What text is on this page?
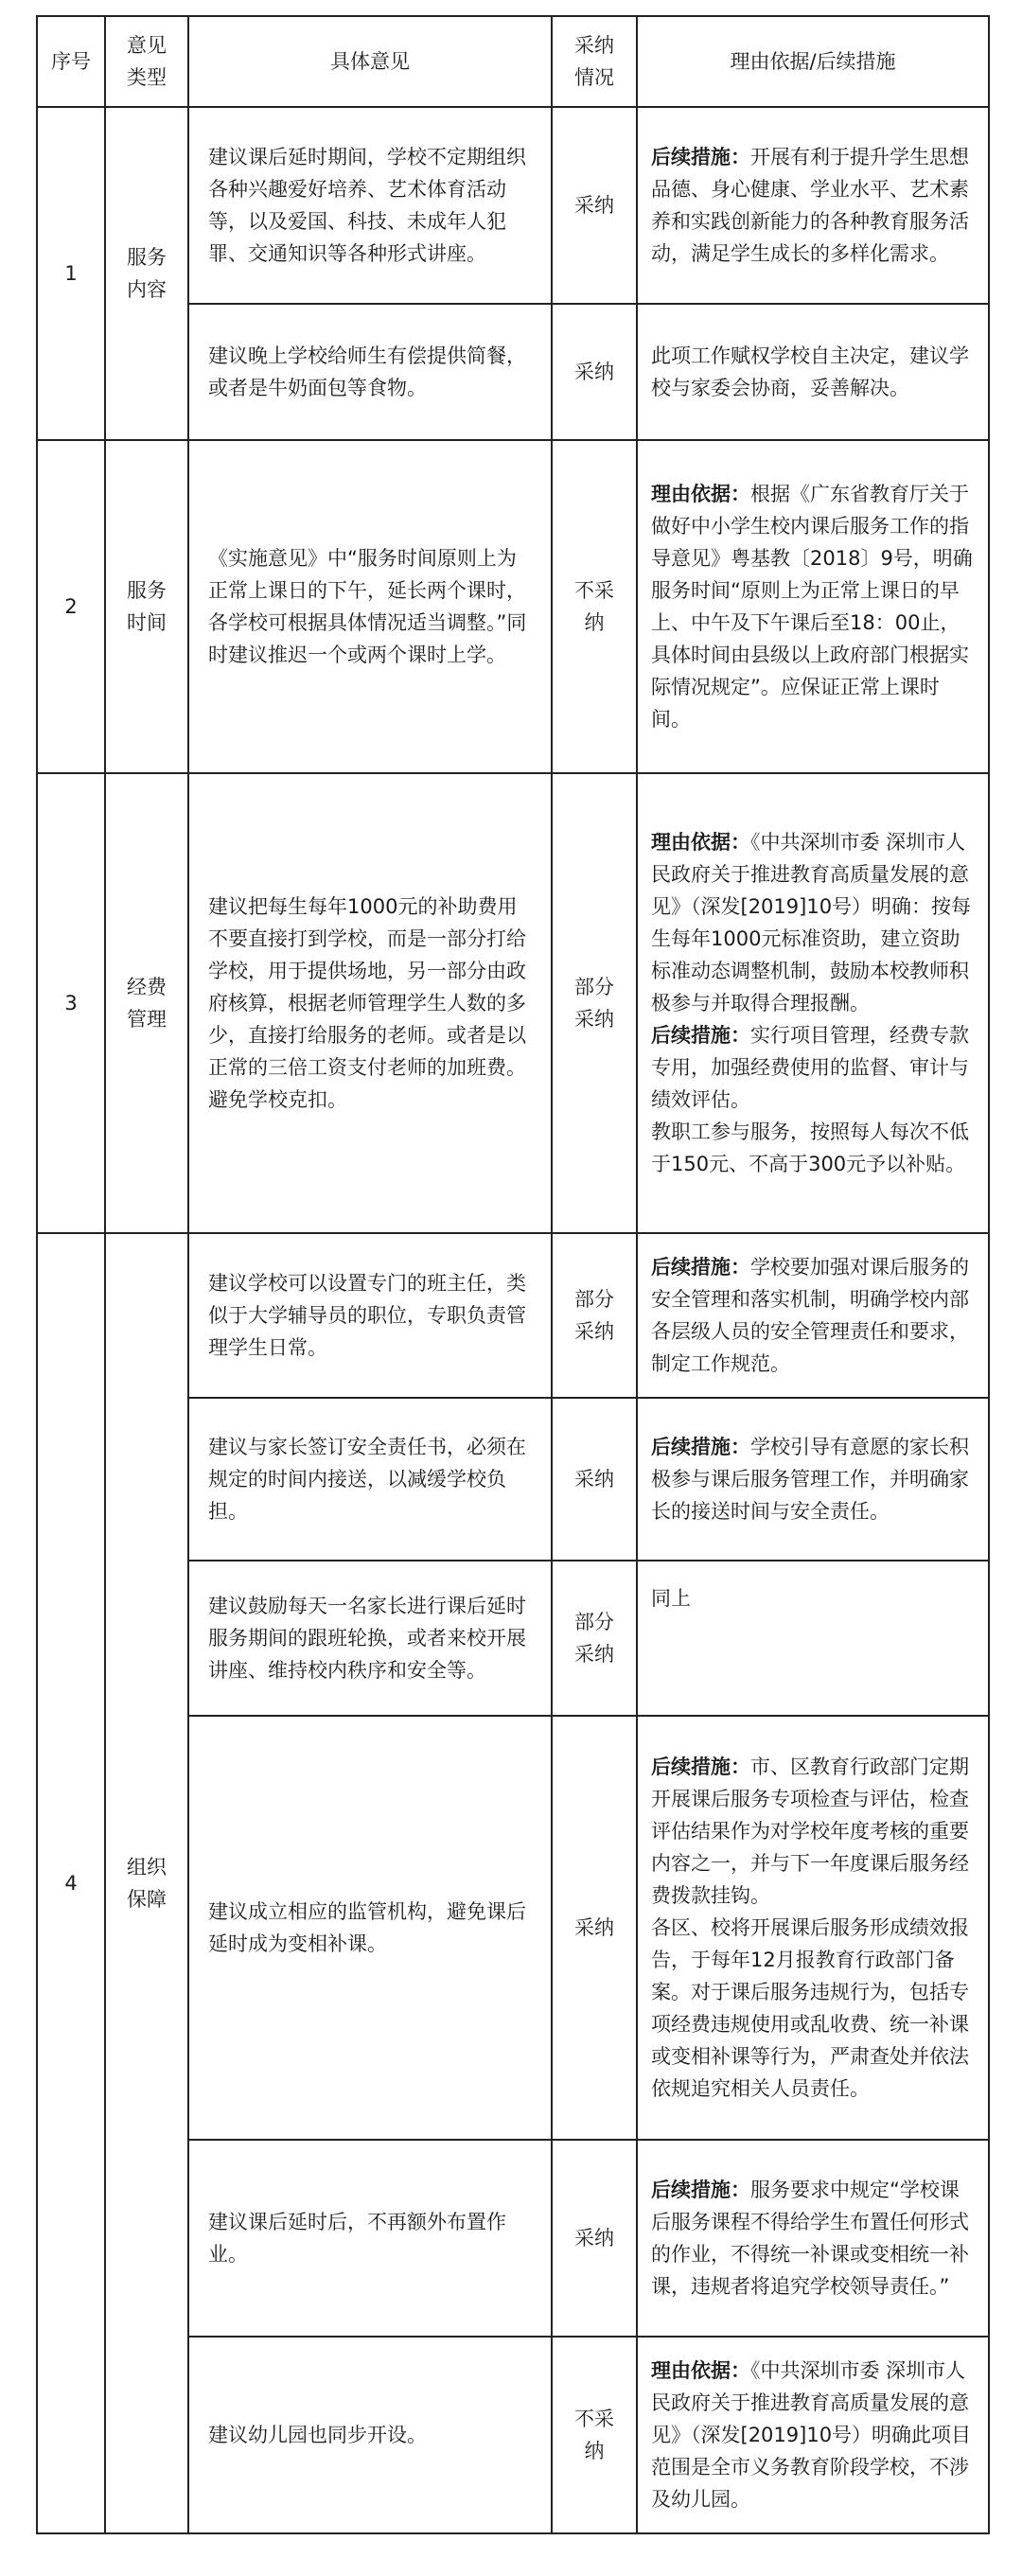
序号	意见类型	具体意见	采纳情况	理由依据/后续措施
1	服务内容	建议课后延时期间，学校不定期组织各种兴趣爱好培养、艺术体育活动等，以及爱国、科技、未成年人犯罪、交通知识等各种形式讲座。	采纳	后续措施：开展有利于提升学生思想品德、身心健康、学业水平、艺术素养和实践创新能力的各种教育服务活动，满足学生成长的多样化需求。

		建议晚上学校给师生有偿提供简餐，或者是牛奶面包等食物。	采纳	此项工作赋权学校自主决定，建议学校与家委会协商，妥善解决。

2	服务时间	《实施意见》中“服务时间原则上为正常上课日的下午，延长两个课时，各学校可根据具体情况适当调整。”同时建议推迟一个或两个课时上学。	不采纳	理由依据：根据《广东省教育厅关于做好中小学生校内课后服务工作的指导意见》粤基教〔2018〕9号，明确服务时间“原则上为正常上课日的早上、中午及下午课后至18：00止，具体时间由县级以上政府部门根据实际情况规定”。应保证正常上课时间。

3	经费管理	建议把每生每年1000元的补助费用不要直接打到学校，而是一部分打给学校，用于提供场地，另一部分由政府核算，根据老师管理学生人数的多少，直接打给服务的老师。或者是以正常的三倍工资支付老师的加班费。避免学校克扣。	部分采纳	理由依据：《中共深圳市委 深圳市人民政府关于推进教育高质量发展的意见》（深发[2019]10号）明确：按每生每年1000元标准资助，建立资助标准动态调整机制，鼓励本校教师积极参与并取得合理报酬。
后续措施：实行项目管理，经费专款专用，加强经费使用的监督、审计与绩效评估。
教职工参与服务，按照每人每次不低于150元、不高于300元予以补贴。

4	组织保障	建议学校可以设置专门的班主任，类似于大学辅导员的职位，专职负责管理学生日常。	部分采纳	后续措施：学校要加强对课后服务的安全管理和落实机制，明确学校内部各层级人员的安全管理责任和要求，制定工作规范。

		建议与家长签订安全责任书，必须在规定的时间内接送，以减缓学校负担。	采纳	后续措施：学校引导有意愿的家长积极参与课后服务管理工作，并明确家长的接送时间与安全责任。

		建议鼓励每天一名家长进行课后延时服务期间的跟班轮换，或者来校开展讲座、维持校内秩序和安全等。	部分采纳	同上

		建议成立相应的监管机构，避免课后延时成为变相补课。	采纳	后续措施：市、区教育行政部门定期开展课后服务专项检查与评估，检查评估结果作为对学校年度考核的重要内容之一，并与下一年度课后服务经费拨款挂钩。
各区、校将开展课后服务形成绩效报告，于每年12月报教育行政部门备案。对于课后服务违规行为，包括专项经费违规使用或乱收费、统一补课或变相补课等行为，严肃查处并依法依规追究相关人员责任。

		建议课后延时后，不再额外布置作业。	采纳	后续措施：服务要求中规定“学校课后服务课程不得给学生布置任何形式的作业，不得统一补课或变相统一补课，违规者将追究学校领导责任。”

		建议幼儿园也同步开设。	不采纳	理由依据：《中共深圳市委 深圳市人民政府关于推进教育高质量发展的意见》（深发[2019]10号）明确此项目范围是全市义务教育阶段学校，不涉及幼儿园。
